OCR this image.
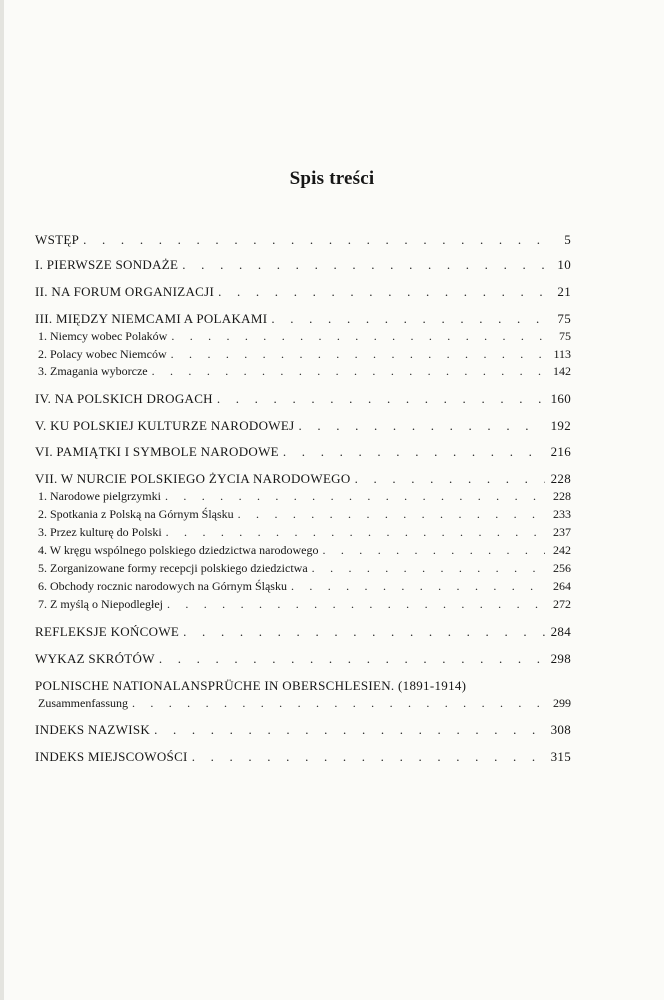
Spis treści
WSTĘP . . .	5
I. PIERWSZE SONDAŻE . . .	10
II. NA FORUM ORGANIZACJI . . .	21
III. MIĘDZY NIEMCAMI A POLAKAMI . . .	75
1. Niemcy wobec Polaków . . .	75
2. Polacy wobec Niemców . . .	113
3. Zmagania wyborcze . . .	142
IV. NA POLSKICH DROGACH . . .	160
V. KU POLSKIEJ KULTURZE NARODOWEJ . . .	192
VI. PAMIĄTKI I SYMBOLE NARODOWE . . .	216
VII. W NURCIE POLSKIEGO ŻYCIA NARODOWEGO . . .	228
1. Narodowe pielgrzymki . . .	228
2. Spotkania z Polską na Górnym Śląsku . . .	233
3. Przez kulturę do Polski . . .	237
4. W kręgu wspólnego polskiego dziedzictwa narodowego . . .	242
5. Zorganizowane formy recepcji polskiego dziedzictwa . . .	256
6. Obchody rocznic narodowych na Górnym Śląsku . . .	264
7. Z myślą o Niepodległej . . .	272
REFLEKSJE KOŃCOWE . . .	284
WYKAZ SKRÓTÓW . . .	298
POLNISCHE NATIONALANSPRÜCHE IN OBERSCHLESIEN. (1891-1914)
Zusammenfassung . . .	299
INDEKS NAZWISK . . .	308
INDEKS MIEJSCOWOŚCI . . .	315
